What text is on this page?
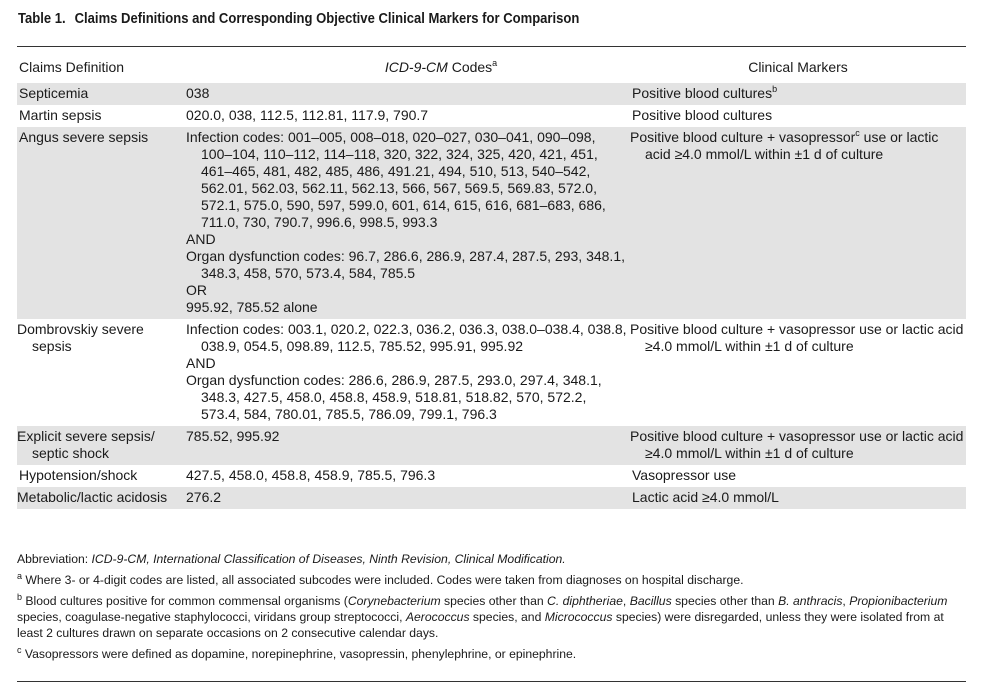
Table 1. Claims Definitions and Corresponding Objective Clinical Markers for Comparison
Claims Definition	ICD-9-CM Codes$^a$	Clinical Markers
Septicemia	038	Positive blood cultures$^b$
Martin sepsis	020.0, 038, 112.5, 112.81, 117.9, 790.7	Positive blood cultures
Angus severe sepsis	Infection codes: 001–005, 008–018, 020–027, 030–041, 090–098, 100–104, 110–112, 114–118, 320, 322, 324, 325, 420, 421, 451, 461–465, 481, 482, 485, 486, 491.21, 494, 510, 513, 540–542, 562.01, 562.03, 562.11, 562.13, 566, 567, 569.5, 569.83, 572.0, 572.1, 575.0, 590, 597, 599.0, 601, 614, 615, 616, 681–683, 686, 711.0, 730, 790.7, 996.6, 998.5, 993.3
AND
Organ dysfunction codes: 96.7, 286.6, 286.9, 287.4, 287.5, 293, 348.1, 348.3, 458, 570, 573.4, 584, 785.5
OR
995.92, 785.52 alone	Positive blood culture + vasopressor$^c$ use or lactic acid ≥4.0 mmol/L within ±1 d of culture
Dombrovskiy severe sepsis	Infection codes: 003.1, 020.2, 022.3, 036.2, 036.3, 038.0–038.4, 038.8, 038.9, 054.5, 098.89, 112.5, 785.52, 995.91, 995.92
AND
Organ dysfunction codes: 286.6, 286.9, 287.5, 293.0, 297.4, 348.1, 348.3, 427.5, 458.0, 458.8, 458.9, 518.81, 518.82, 570, 572.2, 573.4, 584, 780.01, 785.5, 786.09, 799.1, 796.3	Positive blood culture + vasopressor use or lactic acid ≥4.0 mmol/L within ±1 d of culture
Explicit severe sepsis/ septic shock	785.52, 995.92	Positive blood culture + vasopressor use or lactic acid ≥4.0 mmol/L within ±1 d of culture
Hypotension/shock	427.5, 458.0, 458.8, 458.9, 785.5, 796.3	Vasopressor use
Metabolic/lactic acidosis	276.2	Lactic acid ≥4.0 mmol/L
Abbreviation: ICD-9-CM, International Classification of Diseases, Ninth Revision, Clinical Modification.
$^a$ Where 3- or 4-digit codes are listed, all associated subcodes were included. Codes were taken from diagnoses on hospital discharge.
$^b$ Blood cultures positive for common commensal organisms (Corynebacterium species other than C. diphtheriae, Bacillus species other than B. anthracis, Propionibacterium species, coagulase-negative staphylococci, viridans group streptococci, Aerococcus species, and Micrococcus species) were disregarded, unless they were isolated from at least 2 cultures drawn on separate occasions on 2 consecutive calendar days.
$^c$ Vasopressors were defined as dopamine, norepinephrine, vasopressin, phenylephrine, or epinephrine.
